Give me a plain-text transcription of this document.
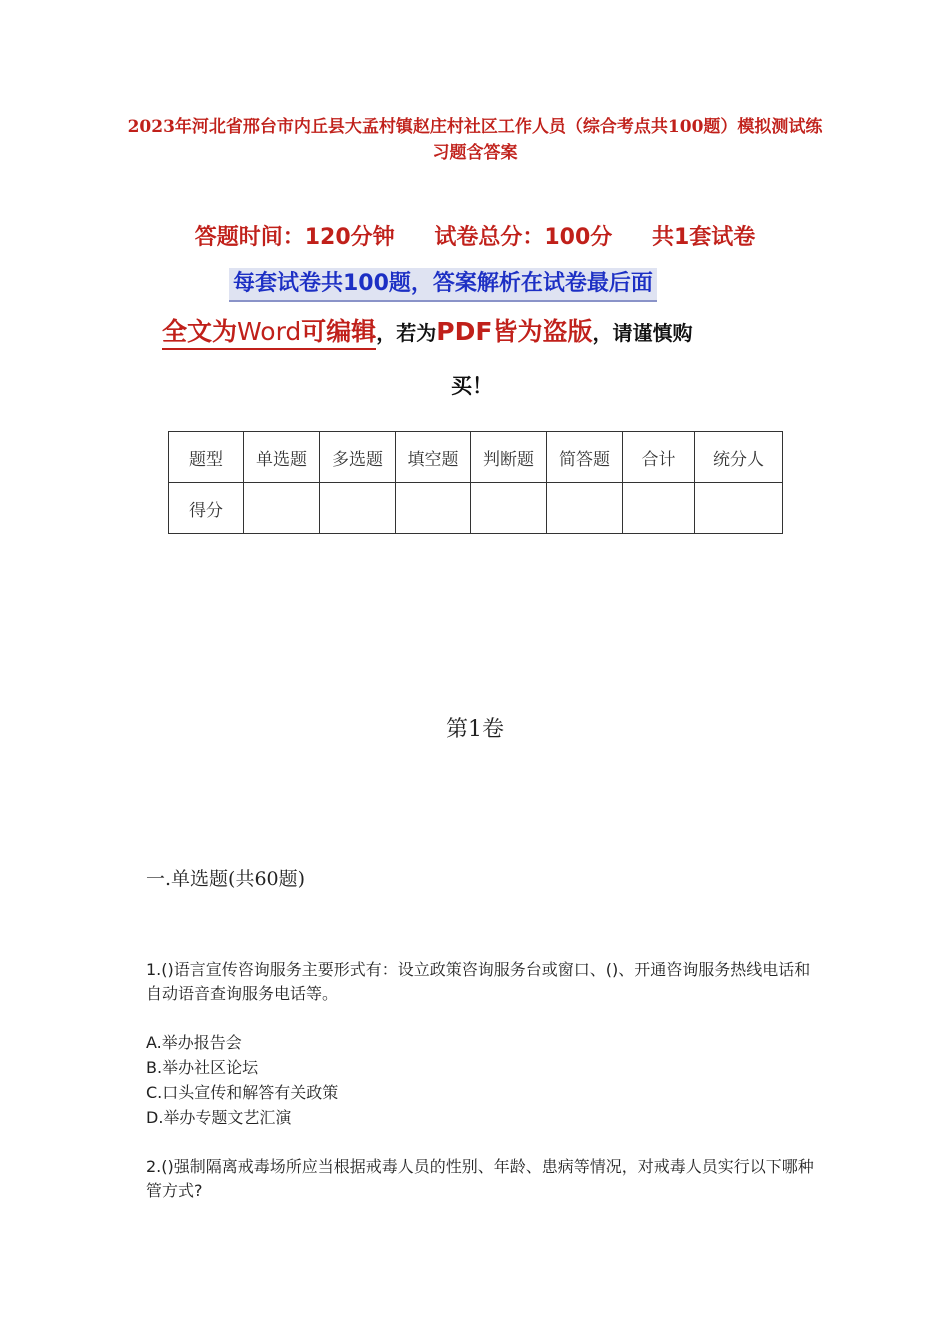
2023年河北省邢台市内丘县大孟村镇赵庄村社区工作人员（综合考点共100题）模拟测试练习题含答案
答题时间：120分钟 试卷总分：100分 共1套试卷
每套试卷共100题，答案解析在试卷最后面
全文为Word可编辑，若为PDF皆为盗版，请谨慎购
买！
题型	单选题	多选题	填空题	判断题	简答题	合计	统分人
得分							
第1卷
一.单选题(共60题)
1.()语言宣传咨询服务主要形式有：设立政策咨询服务台或窗口、()、开通咨询服务热线电话和自动语音查询服务电话等。
A.举办报告会
B.举办社区论坛
C.口头宣传和解答有关政策
D.举办专题文艺汇演
2.()强制隔离戒毒场所应当根据戒毒人员的性别、年龄、患病等情况，对戒毒人员实行以下哪种管方式?
